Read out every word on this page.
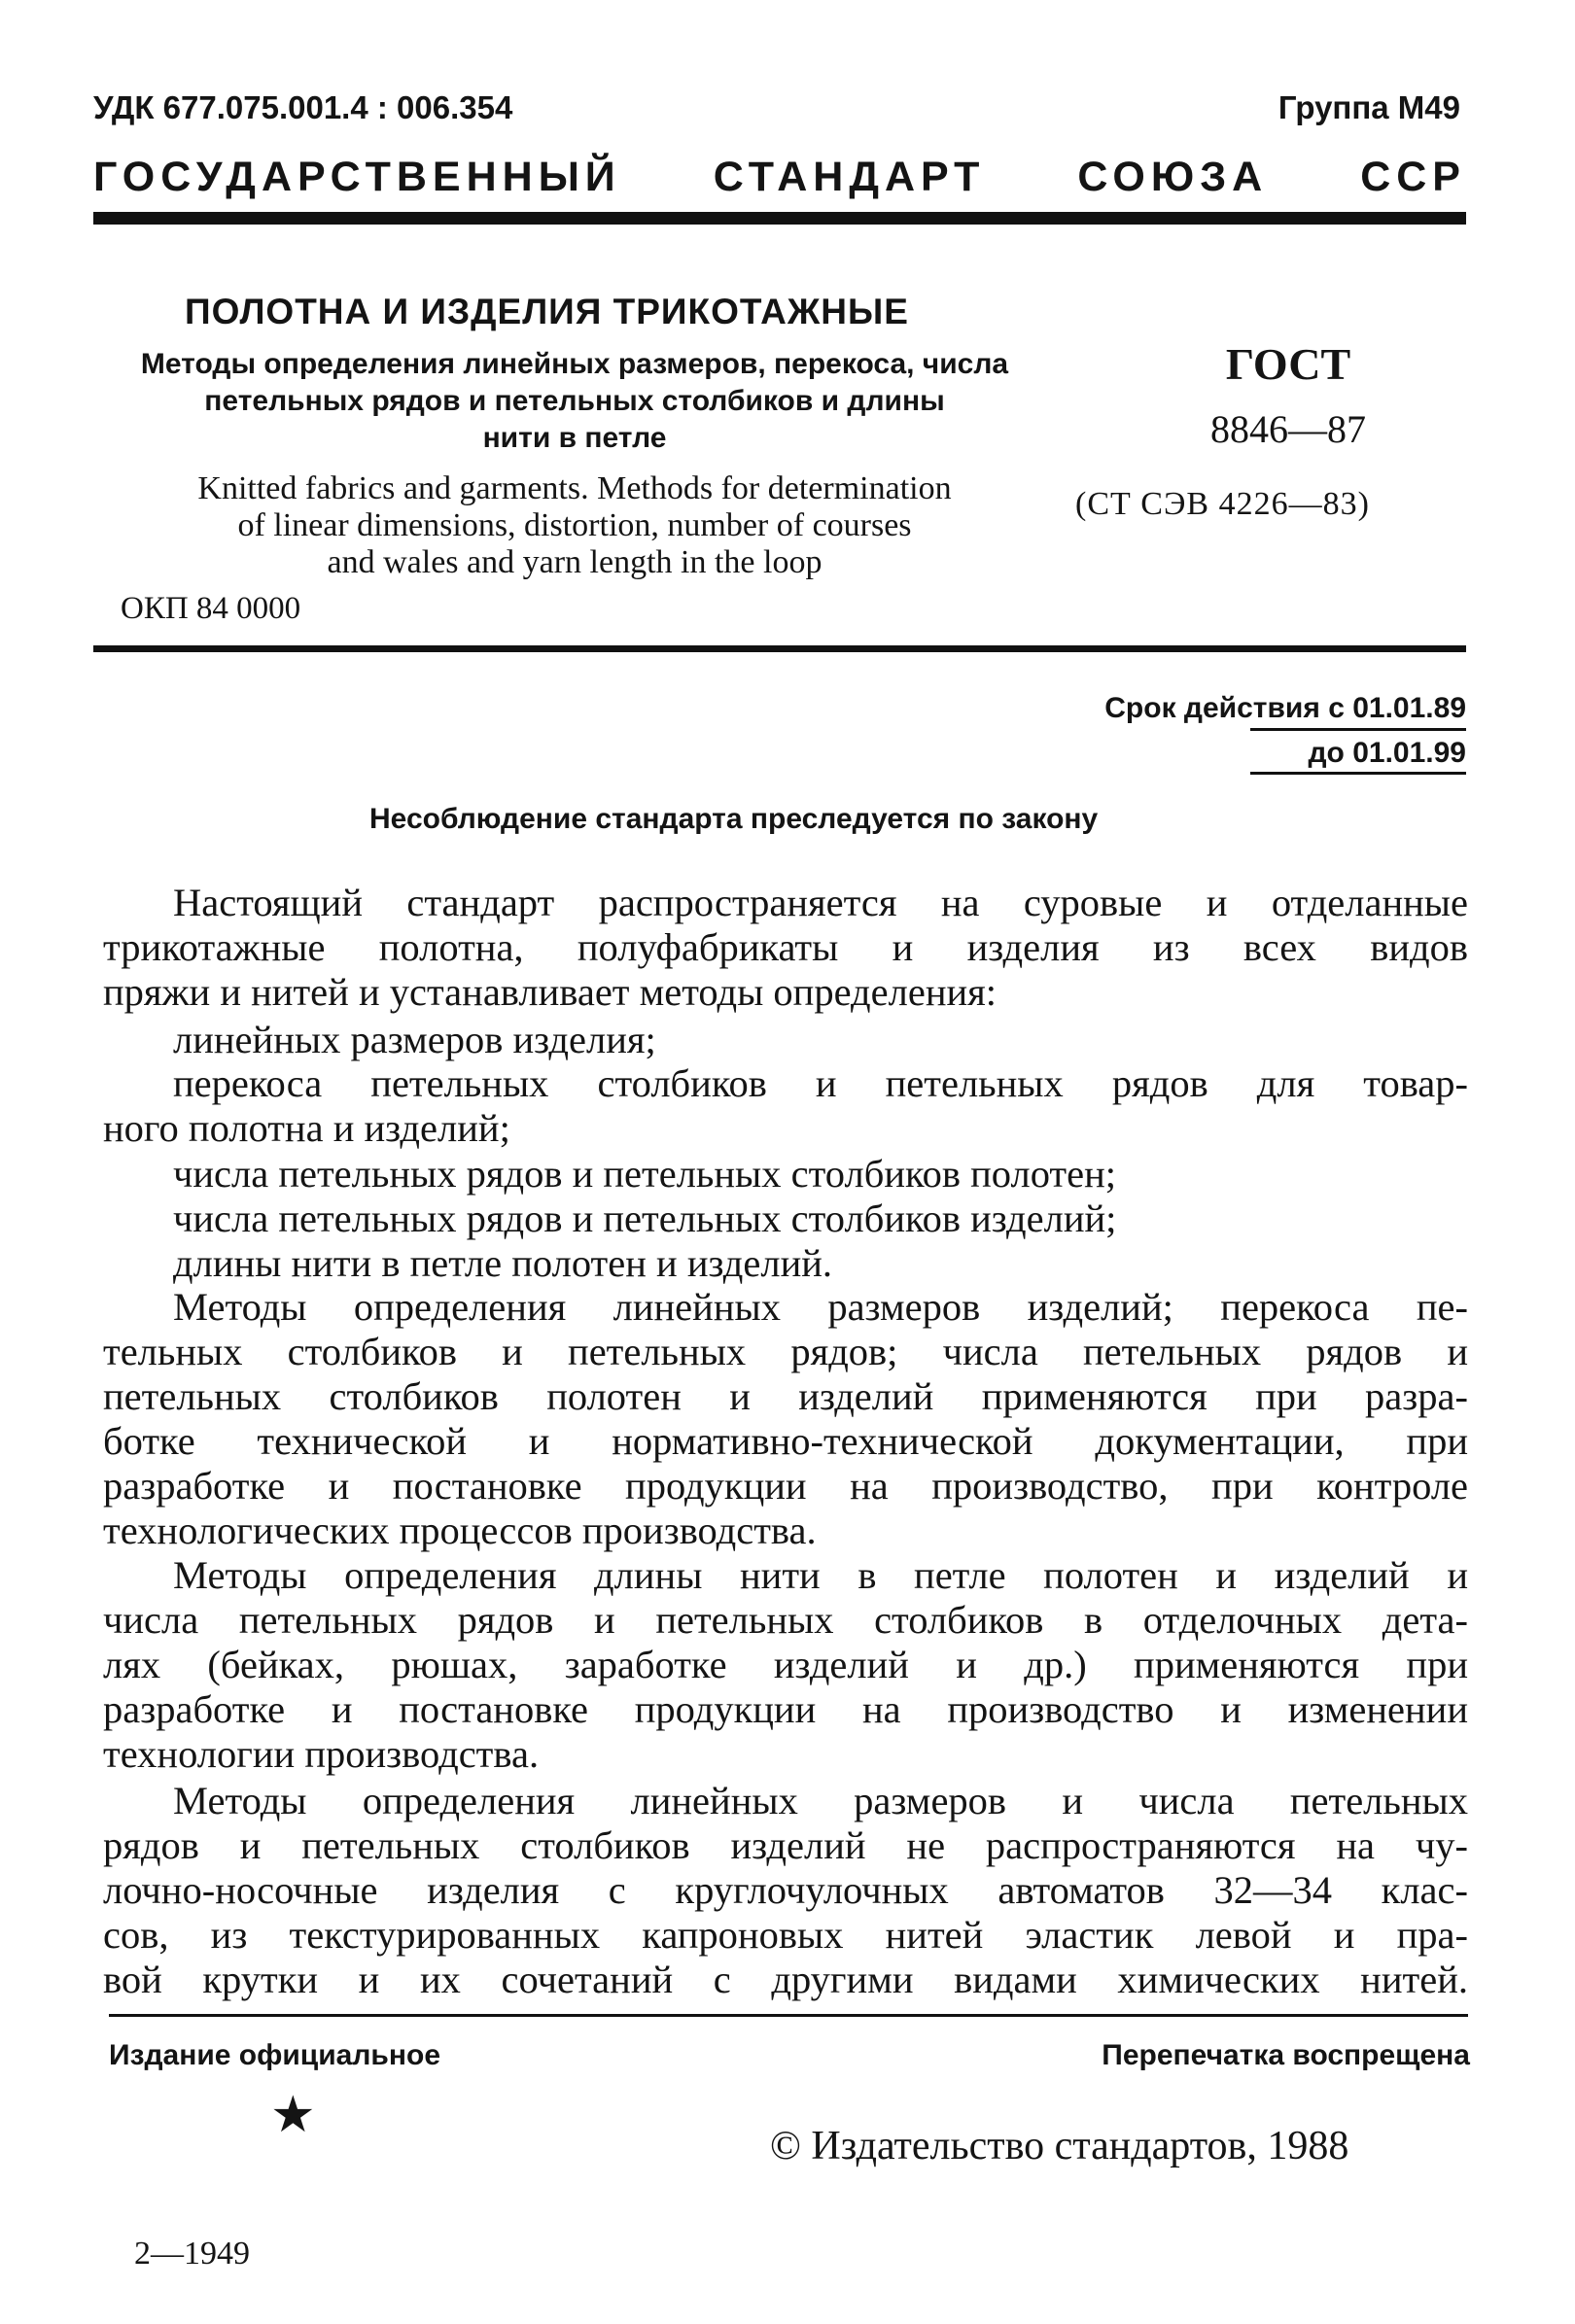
УДК 677.075.001.4 : 006.354	Группа М49
ГОСУДАРСТВЕННЫЙ СТАНДАРТ СОЮЗА ССР
ПОЛОТНА И ИЗДЕЛИЯ ТРИКОТАЖНЫЕ
Методы определения линейных размеров, перекоса, числа
петельных рядов и петельных столбиков и длины
нити в петле
Knitted fabrics and garments. Methods for determination
of linear dimensions, distortion, number of courses
and wales and yarn length in the loop
ОКП 84 0000
ГОСТ
8846—87
(СТ СЭВ 4226—83)
Срок действия с 01.01.89
до 01.01.99
Несоблюдение стандарта преследуется по закону
Настоящий стандарт распространяется на суровые и отделанные
трикотажные полотна, полуфабрикаты и изделия из всех видов
пряжи и нитей и устанавливает методы определения:
линейных размеров изделия;
перекоса петельных столбиков и петельных рядов для товар-
ного полотна и изделий;
числа петельных рядов и петельных столбиков полотен;
числа петельных рядов и петельных столбиков изделий;
длины нити в петле полотен и изделий.
Методы определения линейных размеров изделий; перекоса пе-
тельных столбиков и петельных рядов; числа петельных рядов и
петельных столбиков полотен и изделий применяются при разра-
ботке технической и нормативно-технической документации, при
разработке и постановке продукции на производство, при контроле
технологических процессов производства.
Методы определения длины нити в петле полотен и изделий и
числа петельных рядов и петельных столбиков в отделочных дета-
лях (бейках, рюшах, заработке изделий и др.) применяются при
разработке и постановке продукции на производство и изменении
технологии производства.
Методы определения линейных размеров и числа петельных
рядов и петельных столбиков изделий не распространяются на чу-
лочно-носочные изделия с круглочулочных автоматов 32—34 клас-
сов, из текстурированных капроновых нитей эластик левой и пра-
вой крутки и их сочетаний с другими видами химических нитей.
Издание официальное	Перепечатка воспрещена
★
© Издательство стандартов, 1988
2—1949
